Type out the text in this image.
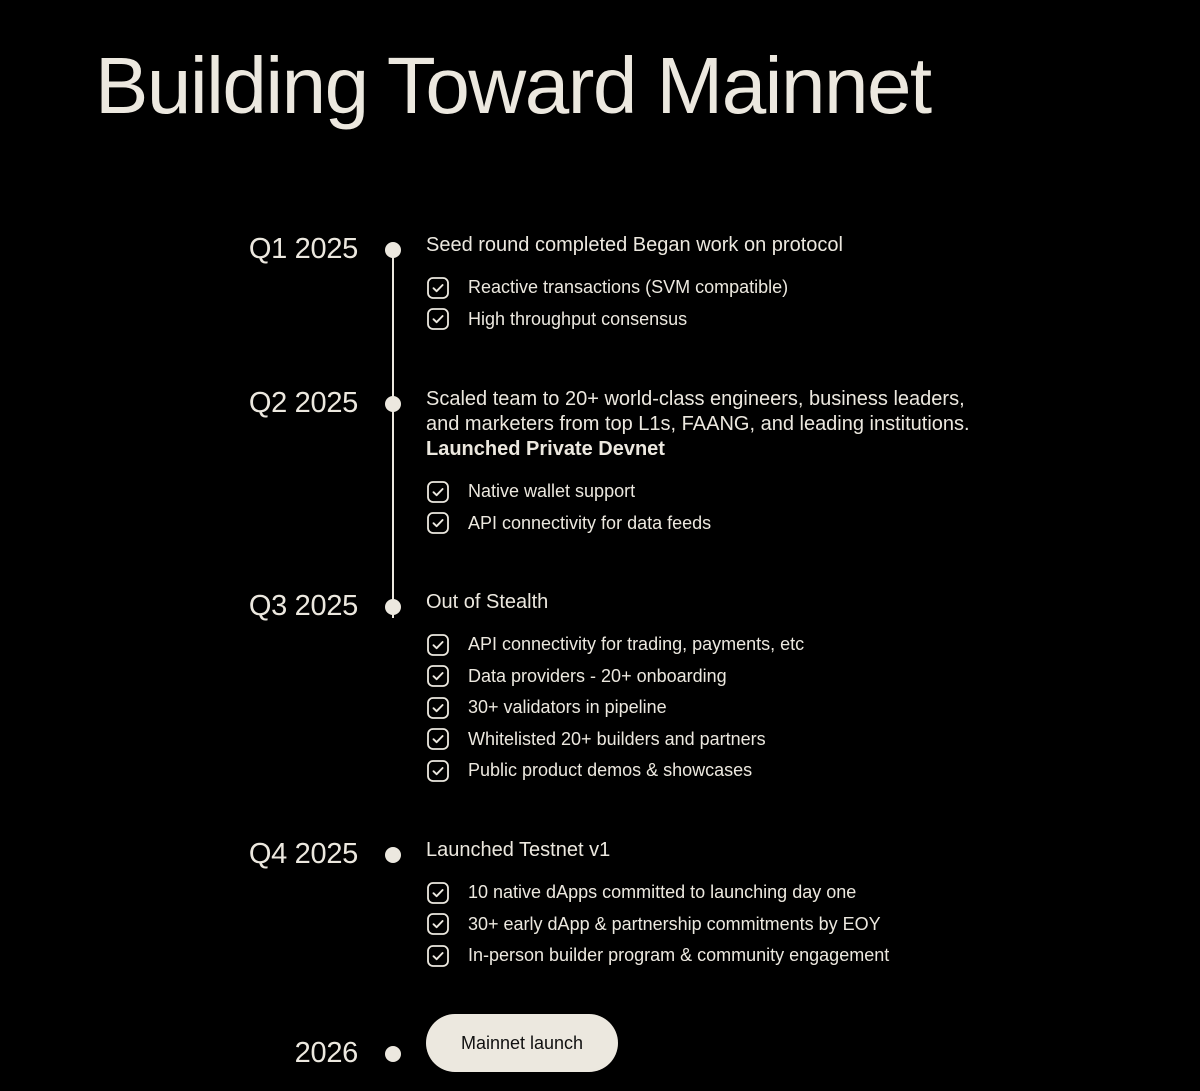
Building Toward Mainnet
Q1 2025	Seed round completed Began work on protocol

Reactive transactions (SVM compatible)
High throughput consensus
Q2 2025	Scaled team to 20+ world-class engineers, business leaders,

and marketers from top L1s, FAANG, and leading institutions.

Launched Private Devnet

Native wallet support
API connectivity for data feeds
Q3 2025	Out of Stealth

API connectivity for trading, payments, etc
Data providers - 20+ onboarding
30+ validators in pipeline
Whitelisted 20+ builders and partners
Public product demos & showcases
Q4 2025	Launched Testnet v1

10 native dApps committed to launching day one
30+ early dApp & partnership commitments by EOY
In-person builder program & community engagement
2026	Mainnet launch
